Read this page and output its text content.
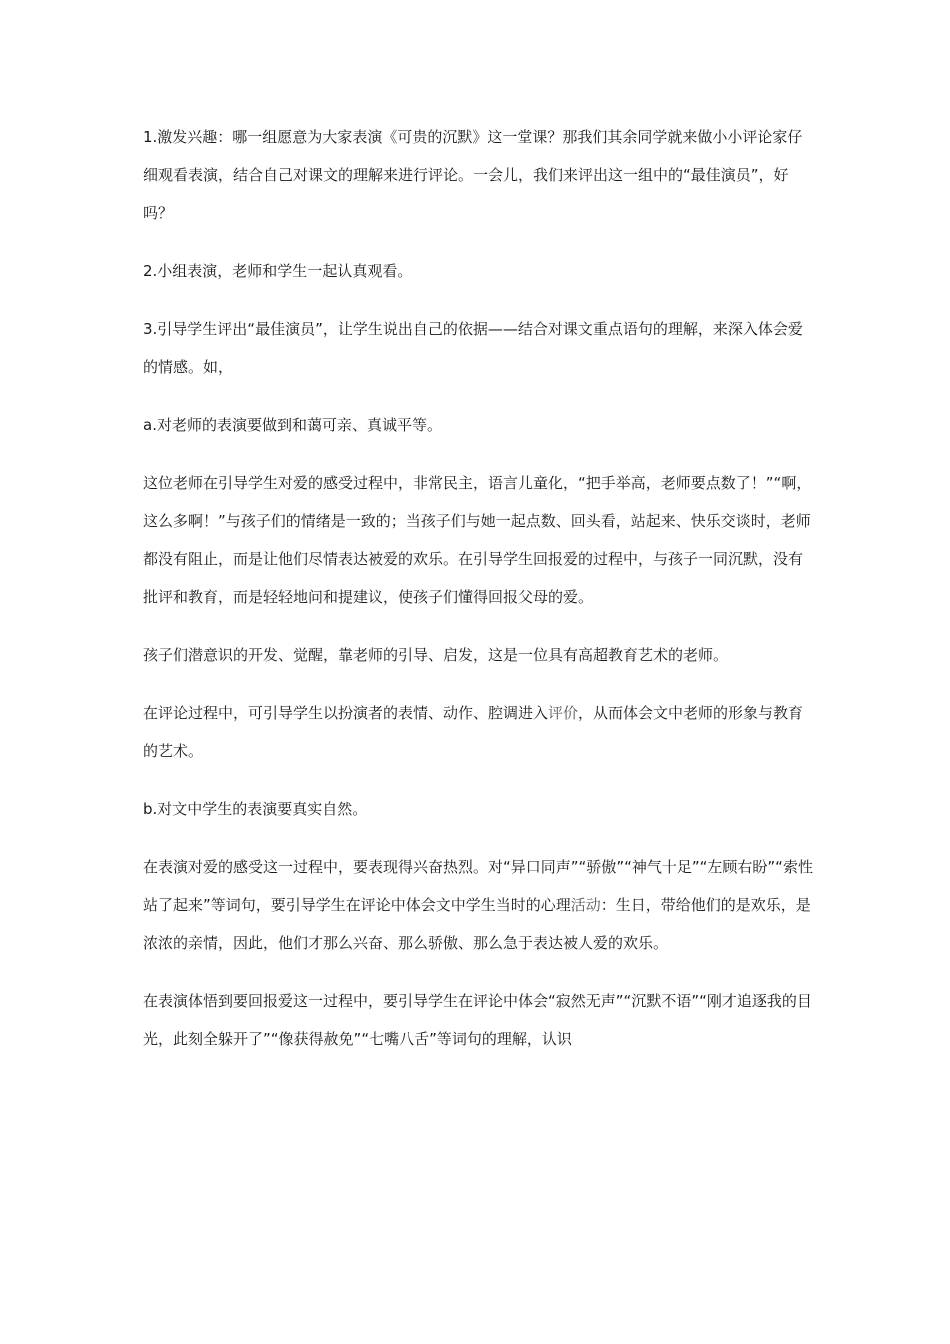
1.激发兴趣：哪一组愿意为大家表演《可贵的沉默》这一堂课？那我们其余同学就来做小小评论家仔细观看表演，结合自己对课文的理解来进行评论。一会儿，我们来评出这一组中的“最佳演员”，好吗？

2.小组表演，老师和学生一起认真观看。

3.引导学生评出“最佳演员”，让学生说出自己的依据——结合对课文重点语句的理解，来深入体会爱的情感。如，

a.对老师的表演要做到和蔼可亲、真诚平等。

这位老师在引导学生对爱的感受过程中，非常民主，语言儿童化，“把手举高，老师要点数了！”“啊，这么多啊！”与孩子们的情绪是一致的；当孩子们与她一起点数、回头看，站起来、快乐交谈时，老师都没有阻止，而是让他们尽情表达被爱的欢乐。在引导学生回报爱的过程中，与孩子一同沉默，没有批评和教育，而是轻轻地问和提建议，使孩子们懂得回报父母的爱。

孩子们潜意识的开发、觉醒，靠老师的引导、启发，这是一位具有高超教育艺术的老师。

在评论过程中，可引导学生以扮演者的表情、动作、腔调进入评价，从而体会文中老师的形象与教育的艺术。

b.对文中学生的表演要真实自然。

在表演对爱的感受这一过程中，要表现得兴奋热烈。对“异口同声”“骄傲”“神气十足”“左顾右盼”“索性站了起来”等词句，要引导学生在评论中体会文中学生当时的心理活动：生日，带给他们的是欢乐，是浓浓的亲情，因此，他们才那么兴奋、那么骄傲、那么急于表达被人爱的欢乐。

在表演体悟到要回报爱这一过程中，要引导学生在评论中体会“寂然无声”“沉默不语”“刚才追逐我的目光，此刻全躲开了”“像获得赦免”“七嘴八舌”等词句的理解，认识
